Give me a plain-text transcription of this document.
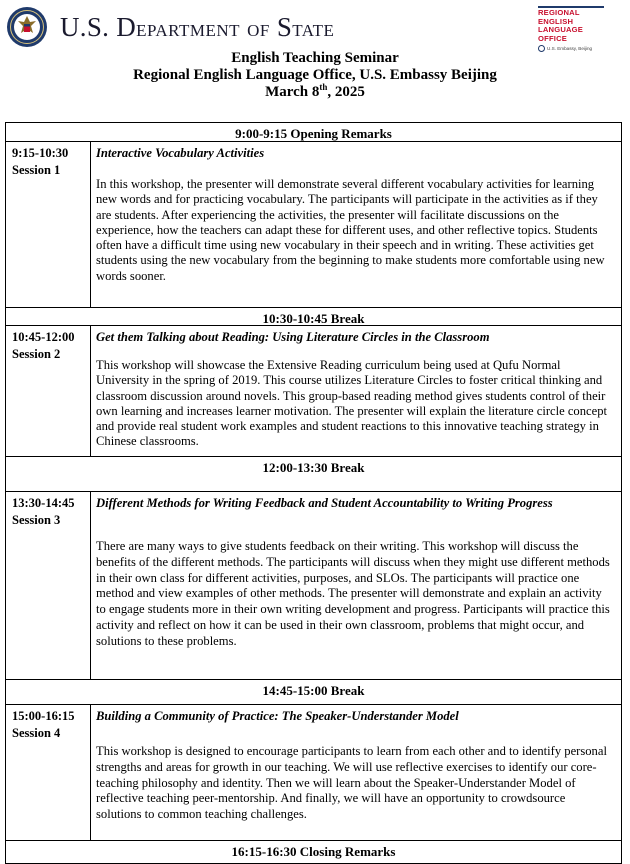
U.S. DEPARTMENT OF STATE
REGIONAL
ENGLISH
LANGUAGE
OFFICE
U.S. Embassy, Beijing
English Teaching Seminar
Regional English Language Office, U.S. Embassy Beijing
March 8th, 2025
9:00-9:15 Opening Remarks
9:15-10:30
Session 1
Interactive Vocabulary Activities

In this workshop, the presenter will demonstrate several different vocabulary activities for learning new words and for practicing vocabulary. The participants will participate in the activities as if they are students. After experiencing the activities, the presenter will facilitate discussions on the experience, how the teachers can adapt these for different uses, and other reflective topics. Students often have a difficult time using new vocabulary in their speech and in writing. These activities get students using the new vocabulary from the beginning to make students more comfortable using new words sooner.

10:30-10:45 Break
10:45-12:00
Session 2
Get them Talking about Reading: Using Literature Circles in the Classroom

This workshop will showcase the Extensive Reading curriculum being used at Qufu Normal University in the spring of 2019. This course utilizes Literature Circles to foster critical thinking and classroom discussion around novels. This group-based reading method gives students control of their own learning and increases learner motivation. The presenter will explain the literature circle concept and provide real student work examples and student reactions to this innovative teaching strategy in Chinese classrooms.

12:00-13:30 Break
13:30-14:45
Session 3
Different Methods for Writing Feedback and Student Accountability to Writing Progress

There are many ways to give students feedback on their writing. This workshop will discuss the benefits of the different methods. The participants will discuss when they might use different methods in their own class for different activities, purposes, and SLOs. The participants will practice one method and view examples of other methods. The presenter will demonstrate and explain an activity to engage students more in their own writing development and progress. Participants will practice this activity and reflect on how it can be used in their own classroom, problems that might occur, and solutions to these problems.

14:45-15:00 Break
15:00-16:15
Session 4
Building a Community of Practice: The Speaker-Understander Model

This workshop is designed to encourage participants to learn from each other and to identify personal strengths and areas for growth in our teaching. We will use reflective exercises to identify our core-teaching philosophy and identity. Then we will learn about the Speaker-Understander Model of reflective teaching peer-mentorship. And finally, we will have an opportunity to crowdsource solutions to common teaching challenges.

16:15-16:30 Closing Remarks
